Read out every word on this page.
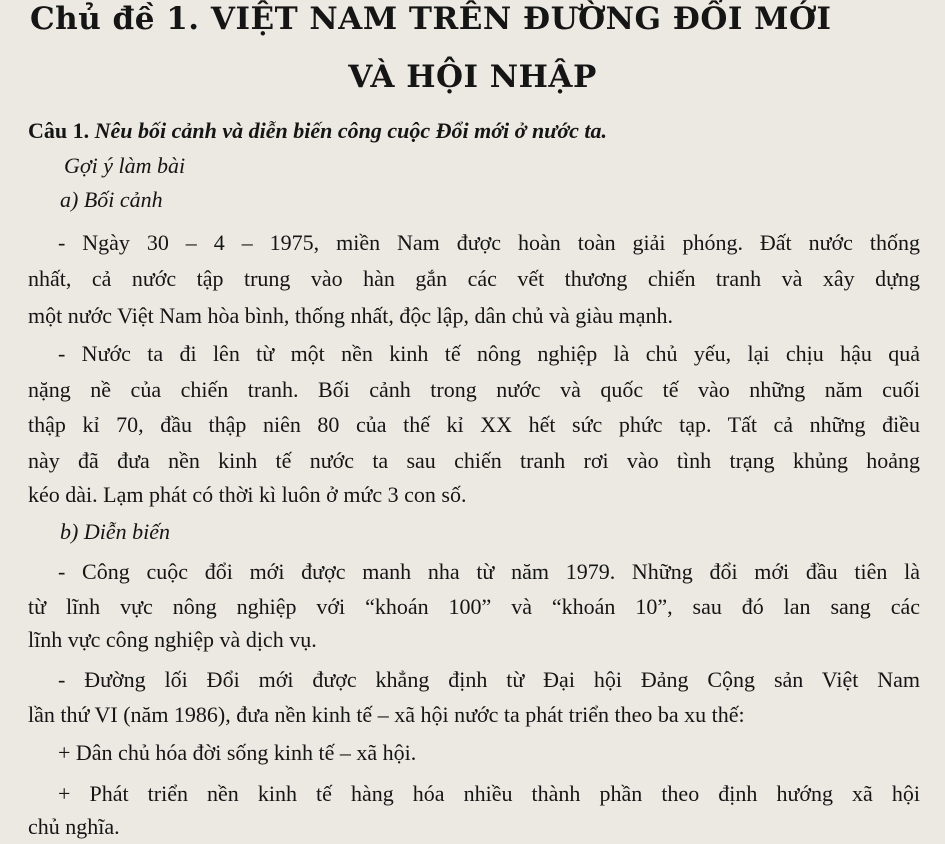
Chủ đề 1. VIỆT NAM TRÊN ĐƯỜNG ĐỔI MỚI
VÀ HỘI NHẬP
Câu 1. Nêu bối cảnh và diễn biến công cuộc Đổi mới ở nước ta.
Gợi ý làm bài
a) Bối cảnh
- Ngày 30 – 4 – 1975, miền Nam được hoàn toàn giải phóng. Đất nước thống
nhất, cả nước tập trung vào hàn gắn các vết thương chiến tranh và xây dựng
một nước Việt Nam hòa bình, thống nhất, độc lập, dân chủ và giàu mạnh.
- Nước ta đi lên từ một nền kinh tế nông nghiệp là chủ yếu, lại chịu hậu quả
nặng nề của chiến tranh. Bối cảnh trong nước và quốc tế vào những năm cuối
thập kỉ 70, đầu thập niên 80 của thế kỉ XX hết sức phức tạp. Tất cả những điều
này đã đưa nền kinh tế nước ta sau chiến tranh rơi vào tình trạng khủng hoảng
kéo dài. Lạm phát có thời kì luôn ở mức 3 con số.
b) Diễn biến
- Công cuộc đổi mới được manh nha từ năm 1979. Những đổi mới đầu tiên là
từ lĩnh vực nông nghiệp với “khoán 100” và “khoán 10”, sau đó lan sang các
lĩnh vực công nghiệp và dịch vụ.
- Đường lối Đổi mới được khẳng định từ Đại hội Đảng Cộng sản Việt Nam
lần thứ VI (năm 1986), đưa nền kinh tế – xã hội nước ta phát triển theo ba xu thế:
+ Dân chủ hóa đời sống kinh tế – xã hội.
+ Phát triển nền kinh tế hàng hóa nhiều thành phần theo định hướng xã hội
chủ nghĩa.
